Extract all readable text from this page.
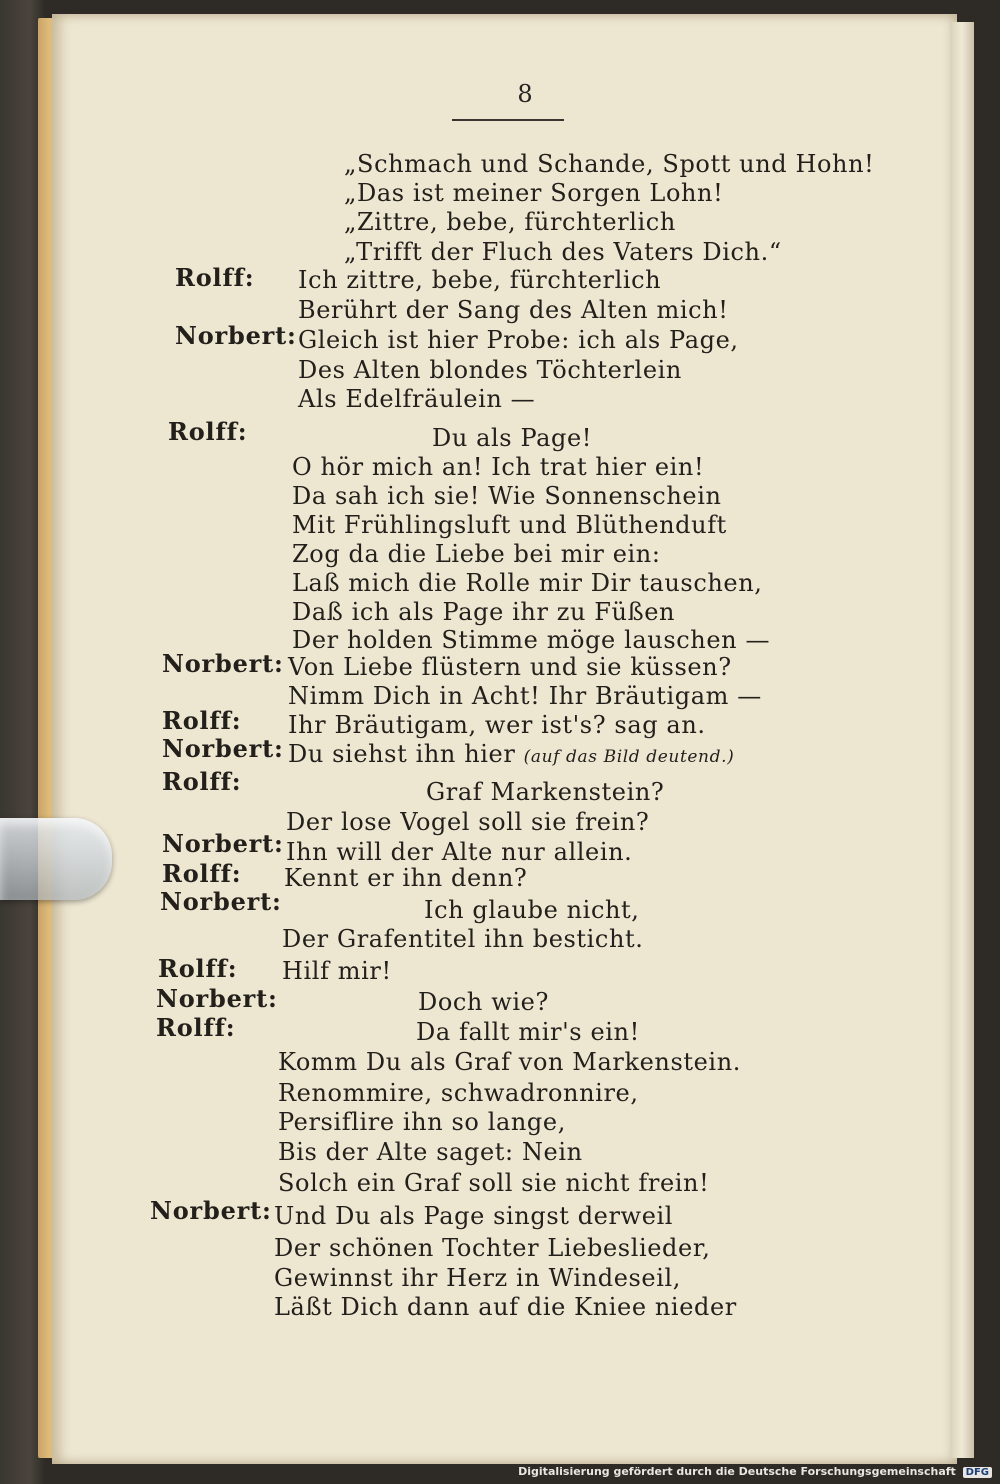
8
„Schmach und Schande, Spott und Hohn!
„Das ist meiner Sorgen Lohn!
„Zittre, bebe, fürchterlich
„Trifft der Fluch des Vaters Dich.“
Rolff: Ich zittre, bebe, fürchterlich
Berührt der Sang des Alten mich!
Norbert: Gleich ist hier Probe: ich als Page,
Des Alten blondes Töchterlein
Als Edelfräulein —
Rolff:	Du als Page!
O hör mich an! Ich trat hier ein!
Da sah ich sie! Wie Sonnenschein
Mit Frühlingsluft und Blüthenduft
Zog da die Liebe bei mir ein:
Laß mich die Rolle mir Dir tauschen,
Daß ich als Page ihr zu Füßen
Der holden Stimme möge lauschen —
Norbert: Von Liebe flüstern und sie küssen?
Nimm Dich in Acht! Ihr Bräutigam —
Rolff: Ihr Bräutigam, wer ist's? sag an.
Norbert: Du siehst ihn hier (auf das Bild deutend.)
Rolff:	Graf Markenstein?
Der lose Vogel soll sie frein?
Norbert: Ihn will der Alte nur allein.
Rolff: Kennt er ihn denn?
Norbert:	Ich glaube nicht,
Der Grafentitel ihn besticht.
Rolff: Hilf mir!
Norbert:	Doch wie?
Rolff:	Da fallt mir's ein!
Komm Du als Graf von Markenstein.
Renommire, schwadronnire,
Persiflire ihn so lange,
Bis der Alte saget: Nein
Solch ein Graf soll sie nicht frein!
Norbert: Und Du als Page singst derweil
Der schönen Tochter Liebeslieder,
Gewinnst ihr Herz in Windeseil,
Läßt Dich dann auf die Kniee nieder
Digitalisierung gefördert durch die Deutsche Forschungsgemeinschaft DFG
